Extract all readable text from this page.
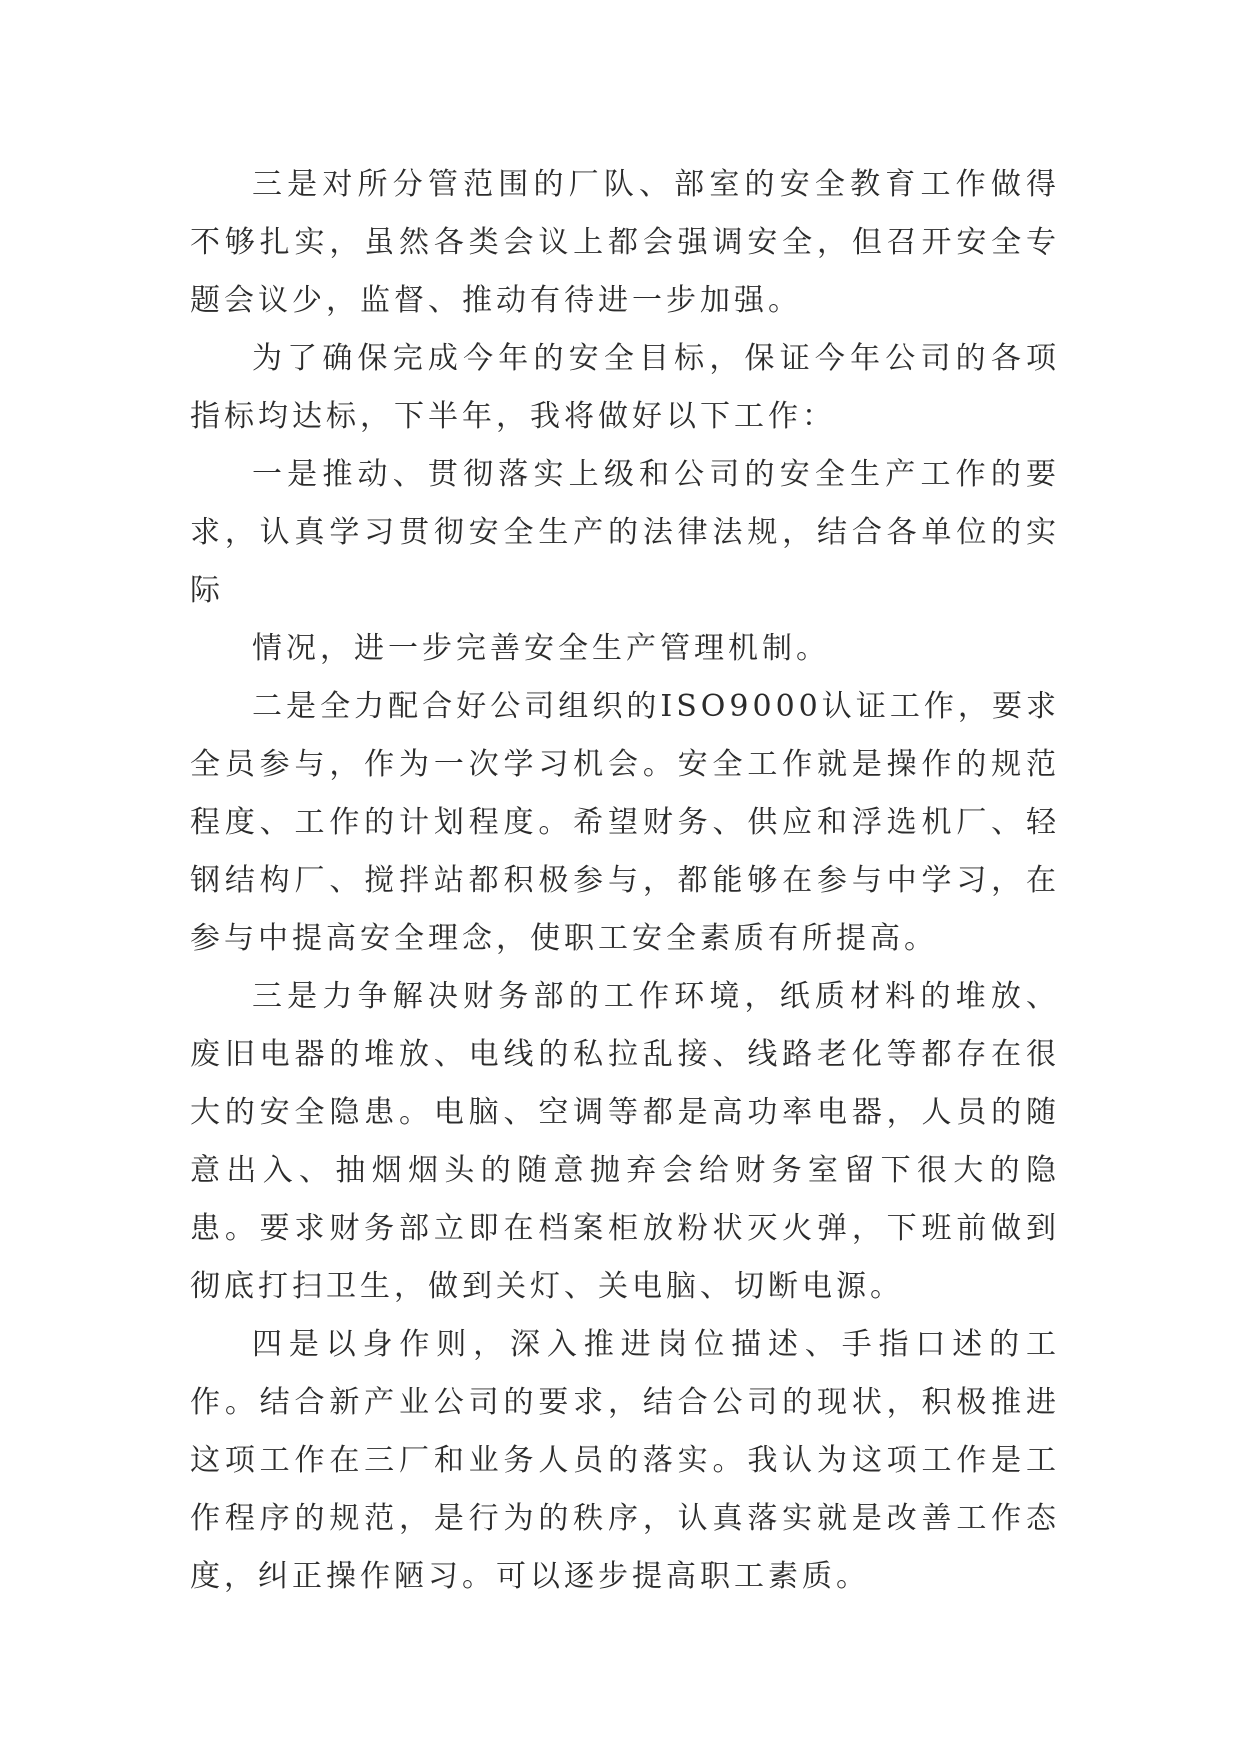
三是对所分管范围的厂队、部室的安全教育工作做得不够扎实，虽然各类会议上都会强调安全，但召开安全专题会议少，监督、推动有待进一步加强。

为了确保完成今年的安全目标，保证今年公司的各项指标均达标，下半年，我将做好以下工作：

一是推动、贯彻落实上级和公司的安全生产工作的要求，认真学习贯彻安全生产的法律法规，结合各单位的实际

情况，进一步完善安全生产管理机制。

二是全力配合好公司组织的ISO9000认证工作，要求全员参与，作为一次学习机会。安全工作就是操作的规范程度、工作的计划程度。希望财务、供应和浮选机厂、轻钢结构厂、搅拌站都积极参与，都能够在参与中学习，在参与中提高安全理念，使职工安全素质有所提高。

三是力争解决财务部的工作环境，纸质材料的堆放、废旧电器的堆放、电线的私拉乱接、线路老化等都存在很大的安全隐患。电脑、空调等都是高功率电器，人员的随意出入、抽烟烟头的随意抛弃会给财务室留下很大的隐患。要求财务部立即在档案柜放粉状灭火弹，下班前做到彻底打扫卫生，做到关灯、关电脑、切断电源。

四是以身作则，深入推进岗位描述、手指口述的工作。结合新产业公司的要求，结合公司的现状，积极推进这项工作在三厂和业务人员的落实。我认为这项工作是工作程序的规范，是行为的秩序，认真落实就是改善工作态度，纠正操作陋习。可以逐步提高职工素质。
